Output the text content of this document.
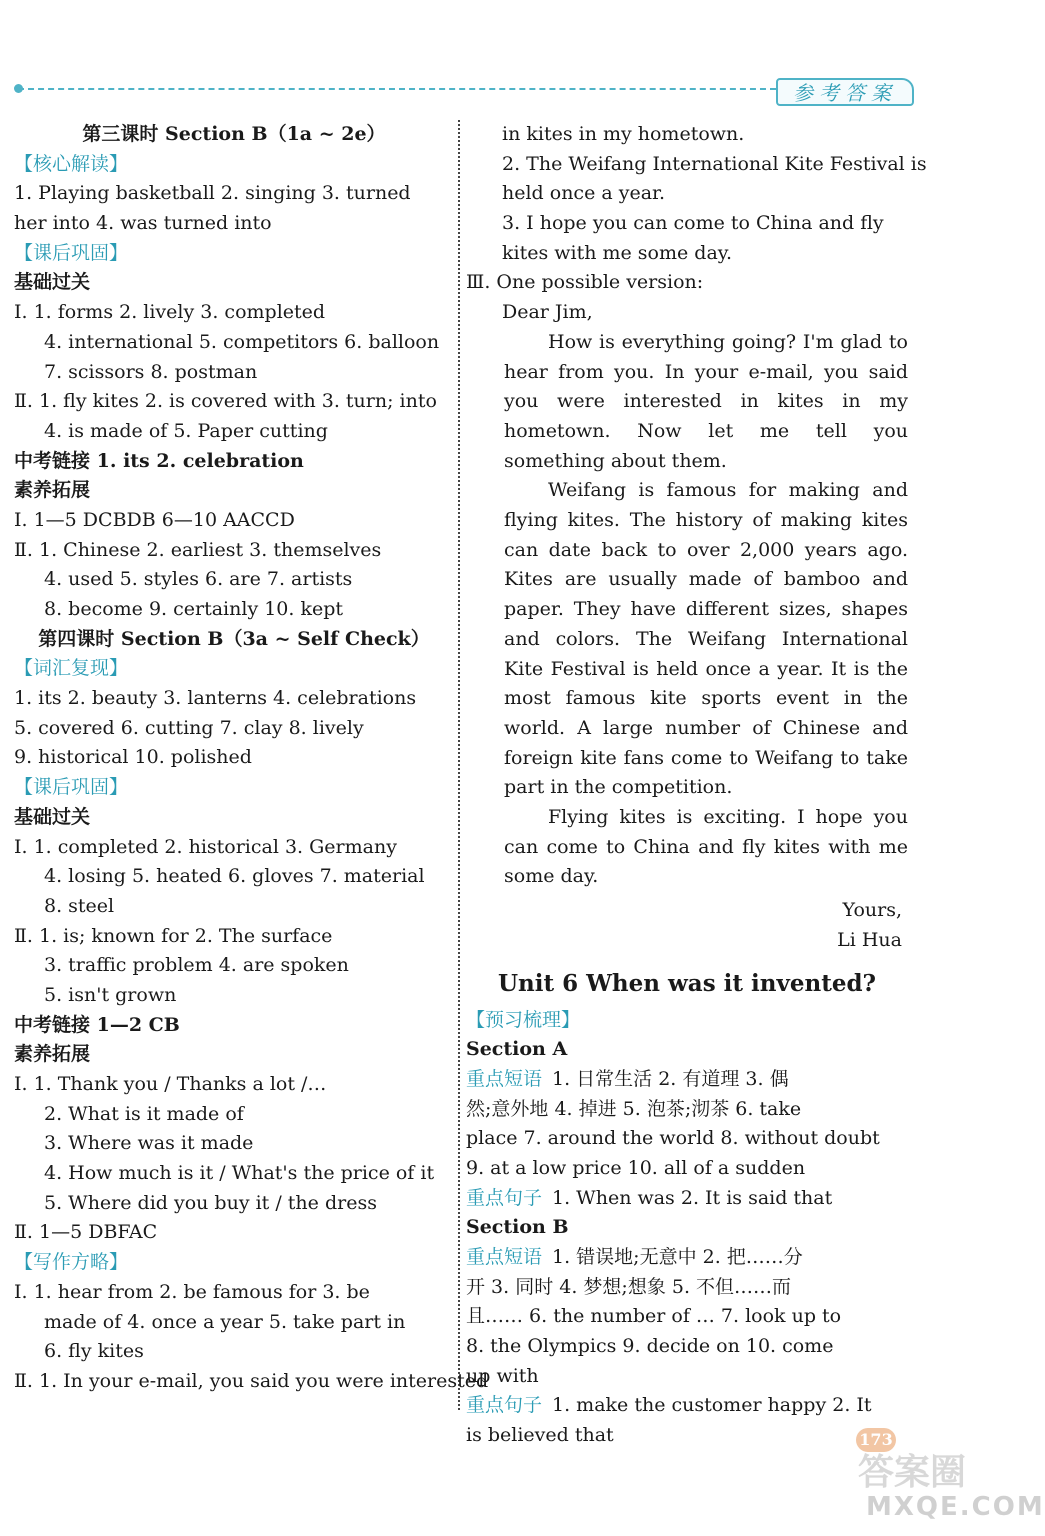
参考答案
第三课时 Section B（1a ~ 2e）
【核心解读】
1. Playing basketball 2. singing 3. turned
her into 4. was turned into
【课后巩固】
基础过关
Ⅰ. 1. forms 2. lively 3. completed
4. international 5. competitors 6. balloon
7. scissors 8. postman
Ⅱ. 1. fly kites 2. is covered with 3. turn; into
4. is made of 5. Paper cutting
中考链接 1. its 2. celebration
素养拓展
Ⅰ. 1—5 DCBDB 6—10 AACCD
Ⅱ. 1. Chinese 2. earliest 3. themselves
4. used 5. styles 6. are 7. artists
8. become 9. certainly 10. kept
第四课时 Section B（3a ~ Self Check）
【词汇复现】
1. its 2. beauty 3. lanterns 4. celebrations
5. covered 6. cutting 7. clay 8. lively
9. historical 10. polished
【课后巩固】
基础过关
Ⅰ. 1. completed 2. historical 3. Germany
4. losing 5. heated 6. gloves 7. material
8. steel
Ⅱ. 1. is; known for 2. The surface
3. traffic problem 4. are spoken
5. isn't grown
中考链接 1—2 CB
素养拓展
Ⅰ. 1. Thank you / Thanks a lot /…
2. What is it made of
3. Where was it made
4. How much is it / What's the price of it
5. Where did you buy it / the dress
Ⅱ. 1—5 DBFAC
【写作方略】
Ⅰ. 1. hear from 2. be famous for 3. be
made of 4. once a year 5. take part in
6. fly kites
Ⅱ. 1. In your e-mail, you said you were interested
in kites in my hometown.
2. The Weifang International Kite Festival is
held once a year.
3. I hope you can come to China and fly
kites with me some day.
Ⅲ. One possible version:
Dear Jim,
How is everything going? I'm glad to hear from you. In your e-mail, you said you were interested in kites in my hometown. Now let me tell you something about them.
Weifang is famous for making and flying kites. The history of making kites can date back to over 2,000 years ago. Kites are usually made of bamboo and paper. They have different sizes, shapes and colors. The Weifang International Kite Festival is held once a year. It is the most famous kite sports event in the world. A large number of Chinese and foreign kite fans come to Weifang to take part in the competition.
Flying kites is exciting. I hope you can come to China and fly kites with me some day.
Yours,
Li Hua
Unit 6 When was it invented?
【预习梳理】
Section A
重点短语 1. 日常生活 2. 有道理 3. 偶
然;意外地 4. 掉进 5. 泡茶;沏茶 6. take
place 7. around the world 8. without doubt
9. at a low price 10. all of a sudden
重点句子 1. When was 2. It is said that
Section B
重点短语 1. 错误地;无意中 2. 把……分
开 3. 同时 4. 梦想;想象 5. 不但……而
且…… 6. the number of … 7. look up to
8. the Olympics 9. decide on 10. come
up with
重点句子 1. make the customer happy 2. It
is believed that	173
答案圈
MXQE.COM
